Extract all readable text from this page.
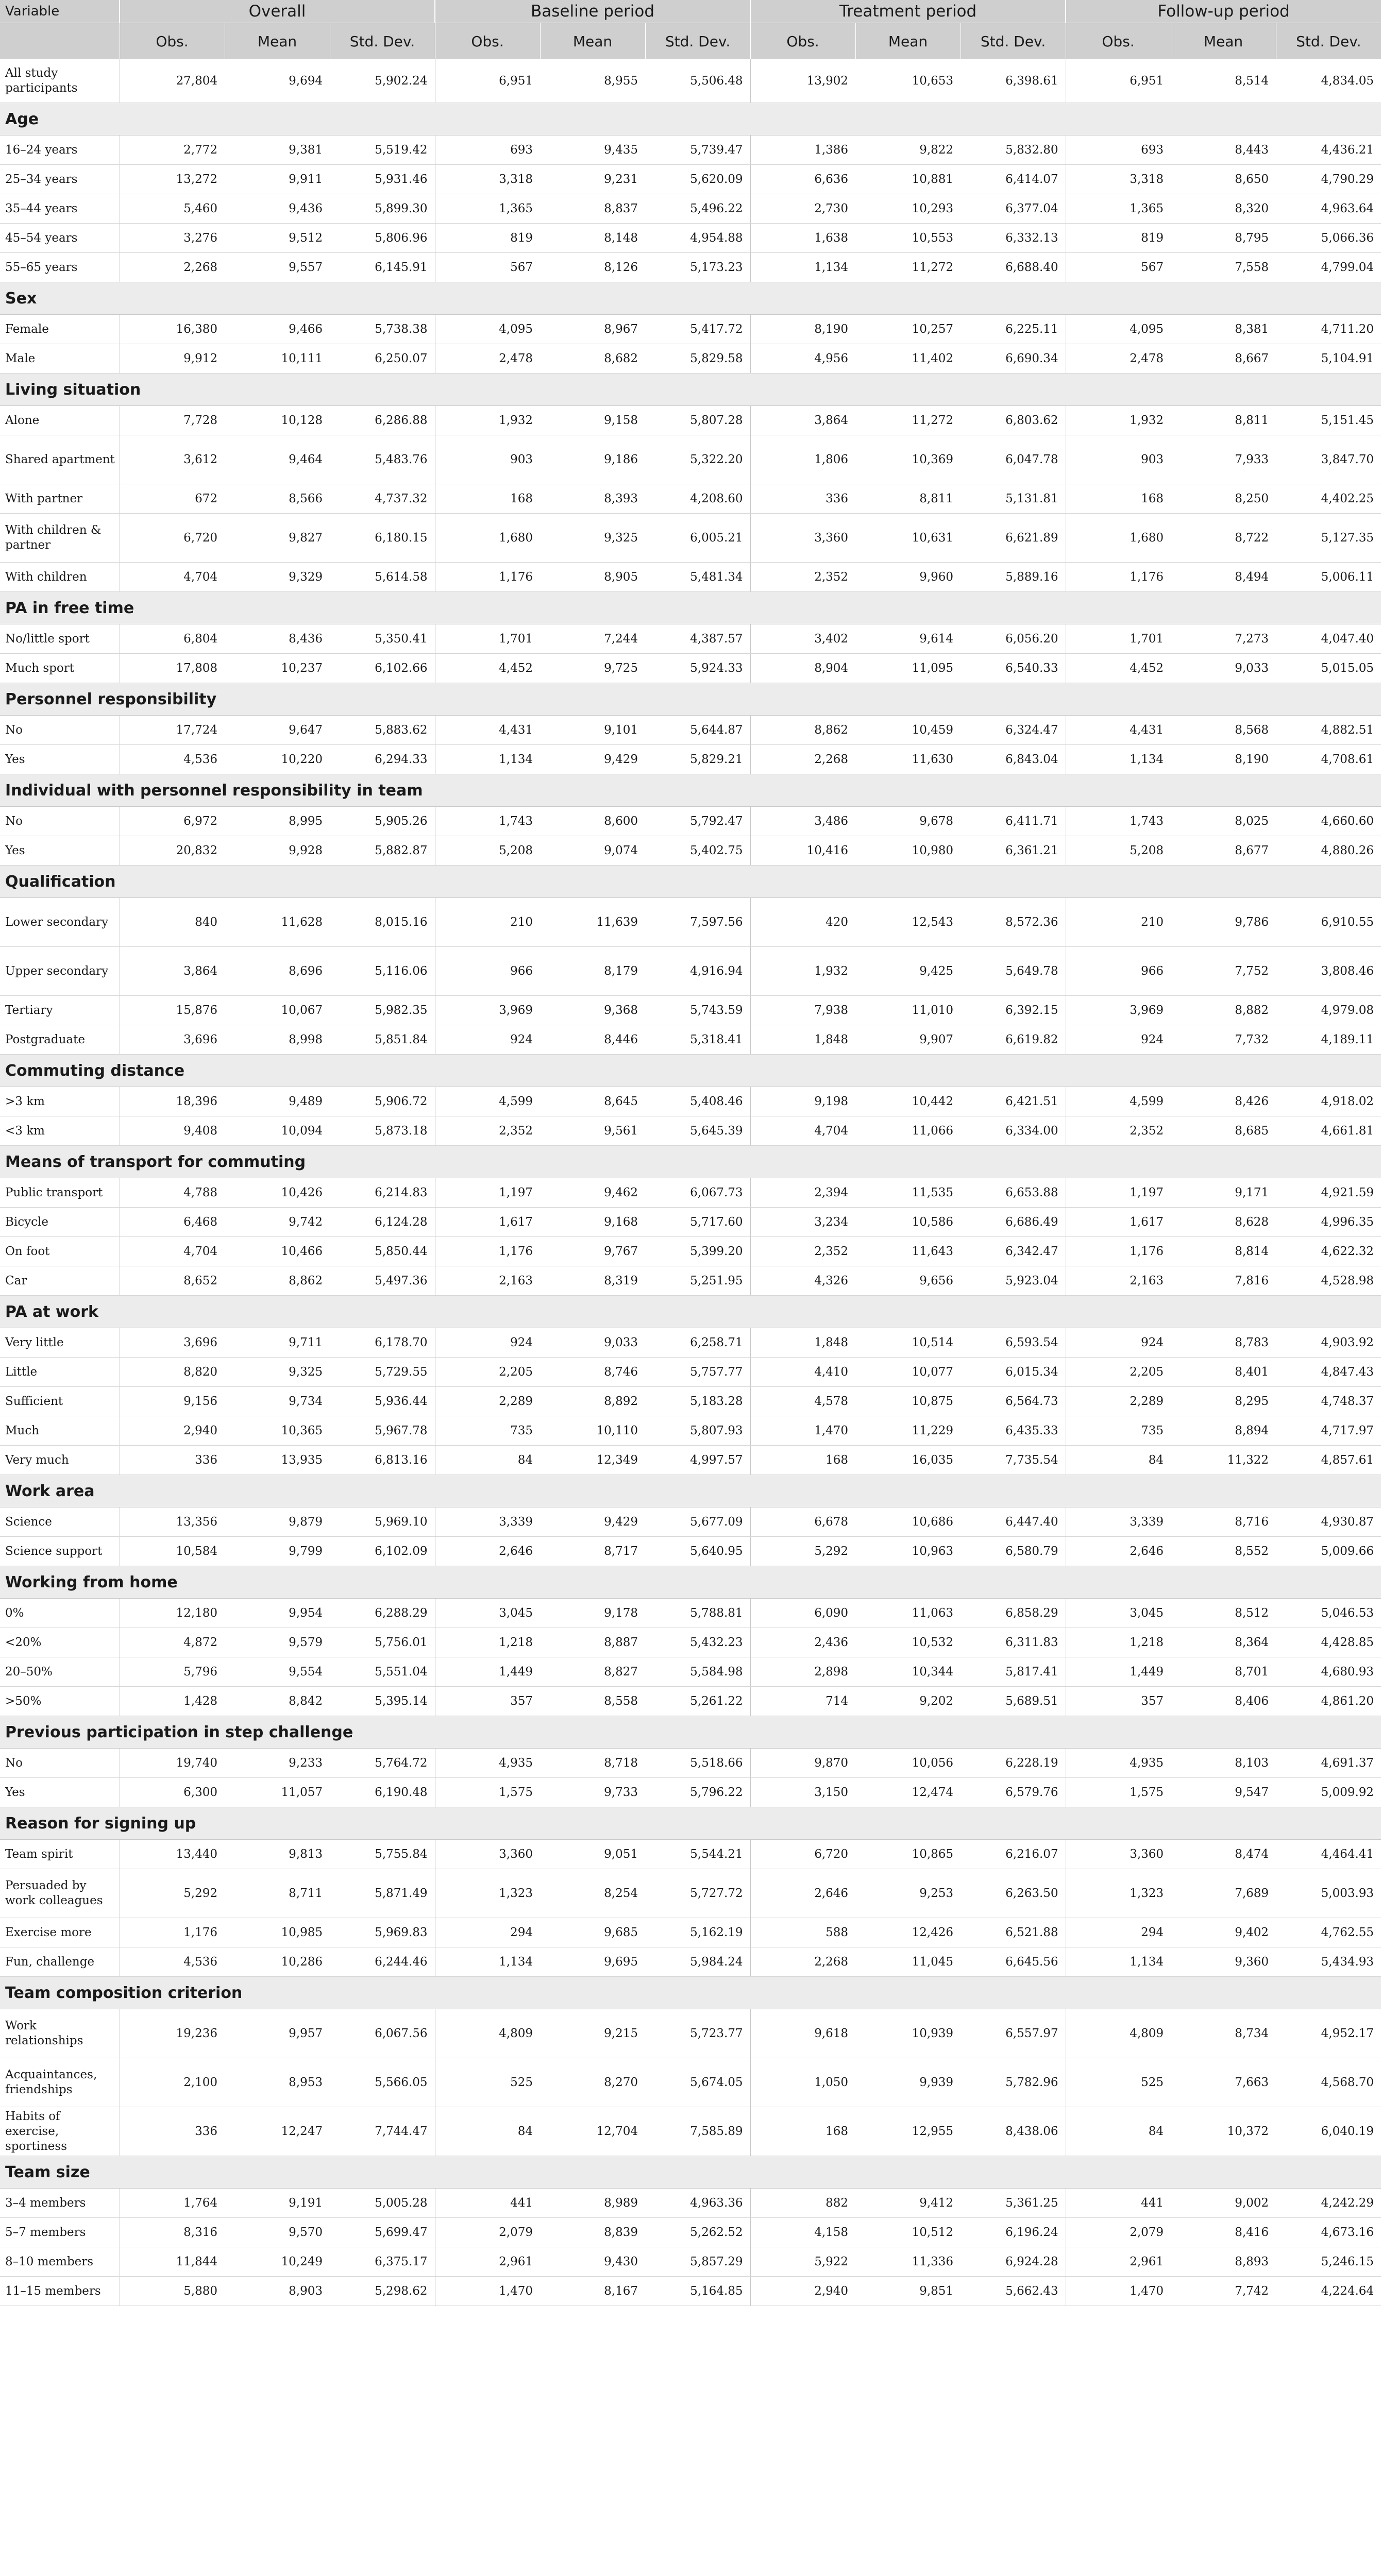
Variable	Overall			Baseline period			Treatment period			Follow-up period		
	Obs.	Mean	Std. Dev.	Obs.	Mean	Std. Dev.	Obs.	Mean	Std. Dev.	Obs.	Mean	Std. Dev.
All study participants	27,804	9,694	5,902.24	6,951	8,955	5,506.48	13,902	10,653	6,398.61	6,951	8,514	4,834.05
Age												
16–24 years	2,772	9,381	5,519.42	693	9,435	5,739.47	1,386	9,822	5,832.80	693	8,443	4,436.21
25–34 years	13,272	9,911	5,931.46	3,318	9,231	5,620.09	6,636	10,881	6,414.07	3,318	8,650	4,790.29
35–44 years	5,460	9,436	5,899.30	1,365	8,837	5,496.22	2,730	10,293	6,377.04	1,365	8,320	4,963.64
45–54 years	3,276	9,512	5,806.96	819	8,148	4,954.88	1,638	10,553	6,332.13	819	8,795	5,066.36
55–65 years	2,268	9,557	6,145.91	567	8,126	5,173.23	1,134	11,272	6,688.40	567	7,558	4,799.04
Sex												
Female	16,380	9,466	5,738.38	4,095	8,967	5,417.72	8,190	10,257	6,225.11	4,095	8,381	4,711.20
Male	9,912	10,111	6,250.07	2,478	8,682	5,829.58	4,956	11,402	6,690.34	2,478	8,667	5,104.91
Living situation												
Alone	7,728	10,128	6,286.88	1,932	9,158	5,807.28	3,864	11,272	6,803.62	1,932	8,811	5,151.45
Shared apartment	3,612	9,464	5,483.76	903	9,186	5,322.20	1,806	10,369	6,047.78	903	7,933	3,847.70
With partner	672	8,566	4,737.32	168	8,393	4,208.60	336	8,811	5,131.81	168	8,250	4,402.25
With children & partner	6,720	9,827	6,180.15	1,680	9,325	6,005.21	3,360	10,631	6,621.89	1,680	8,722	5,127.35
With children	4,704	9,329	5,614.58	1,176	8,905	5,481.34	2,352	9,960	5,889.16	1,176	8,494	5,006.11
PA in free time												
No/little sport	6,804	8,436	5,350.41	1,701	7,244	4,387.57	3,402	9,614	6,056.20	1,701	7,273	4,047.40
Much sport	17,808	10,237	6,102.66	4,452	9,725	5,924.33	8,904	11,095	6,540.33	4,452	9,033	5,015.05
Personnel responsibility												
No	17,724	9,647	5,883.62	4,431	9,101	5,644.87	8,862	10,459	6,324.47	4,431	8,568	4,882.51
Yes	4,536	10,220	6,294.33	1,134	9,429	5,829.21	2,268	11,630	6,843.04	1,134	8,190	4,708.61
Individual with personnel responsibility in team												
No	6,972	8,995	5,905.26	1,743	8,600	5,792.47	3,486	9,678	6,411.71	1,743	8,025	4,660.60
Yes	20,832	9,928	5,882.87	5,208	9,074	5,402.75	10,416	10,980	6,361.21	5,208	8,677	4,880.26
Qualification												
Lower secondary	840	11,628	8,015.16	210	11,639	7,597.56	420	12,543	8,572.36	210	9,786	6,910.55
Upper secondary	3,864	8,696	5,116.06	966	8,179	4,916.94	1,932	9,425	5,649.78	966	7,752	3,808.46
Tertiary	15,876	10,067	5,982.35	3,969	9,368	5,743.59	7,938	11,010	6,392.15	3,969	8,882	4,979.08
Postgraduate	3,696	8,998	5,851.84	924	8,446	5,318.41	1,848	9,907	6,619.82	924	7,732	4,189.11
Commuting distance												
>3 km	18,396	9,489	5,906.72	4,599	8,645	5,408.46	9,198	10,442	6,421.51	4,599	8,426	4,918.02
<3 km	9,408	10,094	5,873.18	2,352	9,561	5,645.39	4,704	11,066	6,334.00	2,352	8,685	4,661.81
Means of transport for commuting												
Public transport	4,788	10,426	6,214.83	1,197	9,462	6,067.73	2,394	11,535	6,653.88	1,197	9,171	4,921.59
Bicycle	6,468	9,742	6,124.28	1,617	9,168	5,717.60	3,234	10,586	6,686.49	1,617	8,628	4,996.35
On foot	4,704	10,466	5,850.44	1,176	9,767	5,399.20	2,352	11,643	6,342.47	1,176	8,814	4,622.32
Car	8,652	8,862	5,497.36	2,163	8,319	5,251.95	4,326	9,656	5,923.04	2,163	7,816	4,528.98
PA at work												
Very little	3,696	9,711	6,178.70	924	9,033	6,258.71	1,848	10,514	6,593.54	924	8,783	4,903.92
Little	8,820	9,325	5,729.55	2,205	8,746	5,757.77	4,410	10,077	6,015.34	2,205	8,401	4,847.43
Sufficient	9,156	9,734	5,936.44	2,289	8,892	5,183.28	4,578	10,875	6,564.73	2,289	8,295	4,748.37
Much	2,940	10,365	5,967.78	735	10,110	5,807.93	1,470	11,229	6,435.33	735	8,894	4,717.97
Very much	336	13,935	6,813.16	84	12,349	4,997.57	168	16,035	7,735.54	84	11,322	4,857.61
Work area												
Science	13,356	9,879	5,969.10	3,339	9,429	5,677.09	6,678	10,686	6,447.40	3,339	8,716	4,930.87
Science support	10,584	9,799	6,102.09	2,646	8,717	5,640.95	5,292	10,963	6,580.79	2,646	8,552	5,009.66
Working from home												
0%	12,180	9,954	6,288.29	3,045	9,178	5,788.81	6,090	11,063	6,858.29	3,045	8,512	5,046.53
<20%	4,872	9,579	5,756.01	1,218	8,887	5,432.23	2,436	10,532	6,311.83	1,218	8,364	4,428.85
20–50%	5,796	9,554	5,551.04	1,449	8,827	5,584.98	2,898	10,344	5,817.41	1,449	8,701	4,680.93
>50%	1,428	8,842	5,395.14	357	8,558	5,261.22	714	9,202	5,689.51	357	8,406	4,861.20
Previous participation in step challenge												
No	19,740	9,233	5,764.72	4,935	8,718	5,518.66	9,870	10,056	6,228.19	4,935	8,103	4,691.37
Yes	6,300	11,057	6,190.48	1,575	9,733	5,796.22	3,150	12,474	6,579.76	1,575	9,547	5,009.92
Reason for signing up												
Team spirit	13,440	9,813	5,755.84	3,360	9,051	5,544.21	6,720	10,865	6,216.07	3,360	8,474	4,464.41
Persuaded by work colleagues	5,292	8,711	5,871.49	1,323	8,254	5,727.72	2,646	9,253	6,263.50	1,323	7,689	5,003.93
Exercise more	1,176	10,985	5,969.83	294	9,685	5,162.19	588	12,426	6,521.88	294	9,402	4,762.55
Fun, challenge	4,536	10,286	6,244.46	1,134	9,695	5,984.24	2,268	11,045	6,645.56	1,134	9,360	5,434.93
Team composition criterion												
Work relationships	19,236	9,957	6,067.56	4,809	9,215	5,723.77	9,618	10,939	6,557.97	4,809	8,734	4,952.17
Acquaintances, friendships	2,100	8,953	5,566.05	525	8,270	5,674.05	1,050	9,939	5,782.96	525	7,663	4,568.70
Habits of exercise, sportiness	336	12,247	7,744.47	84	12,704	7,585.89	168	12,955	8,438.06	84	10,372	6,040.19
Team size												
3–4 members	1,764	9,191	5,005.28	441	8,989	4,963.36	882	9,412	5,361.25	441	9,002	4,242.29
5–7 members	8,316	9,570	5,699.47	2,079	8,839	5,262.52	4,158	10,512	6,196.24	2,079	8,416	4,673.16
8–10 members	11,844	10,249	6,375.17	2,961	9,430	5,857.29	5,922	11,336	6,924.28	2,961	8,893	5,246.15
11–15 members	5,880	8,903	5,298.62	1,470	8,167	5,164.85	2,940	9,851	5,662.43	1,470	7,742	4,224.64
